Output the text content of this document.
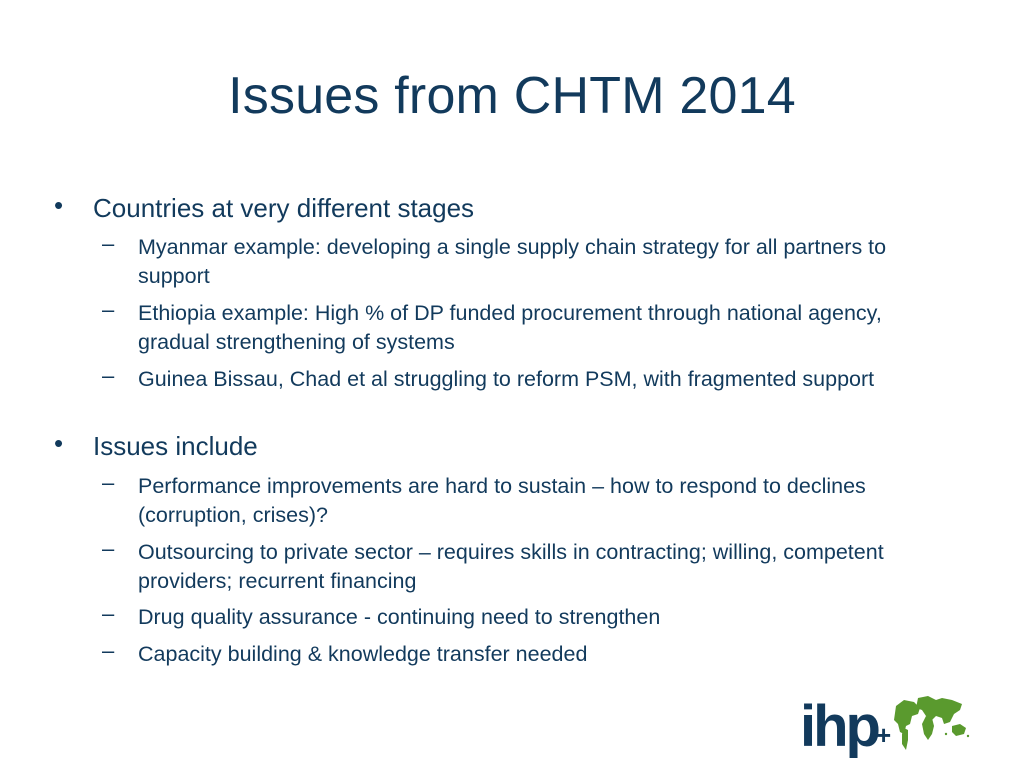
Issues from CHTM 2014
• Countries at very different stages
– Myanmar example: developing a single supply chain strategy for all partners to support
– Ethiopia example: High % of DP funded procurement through national agency, gradual strengthening of systems
– Guinea Bissau, Chad et al struggling to reform PSM, with fragmented support
• Issues include
– Performance improvements are hard to sustain – how to respond to declines (corruption, crises)?
– Outsourcing to private sector – requires skills in contracting; willing, competent providers; recurrent financing
– Drug quality assurance - continuing need to strengthen
– Capacity building & knowledge transfer needed
ihp
+
